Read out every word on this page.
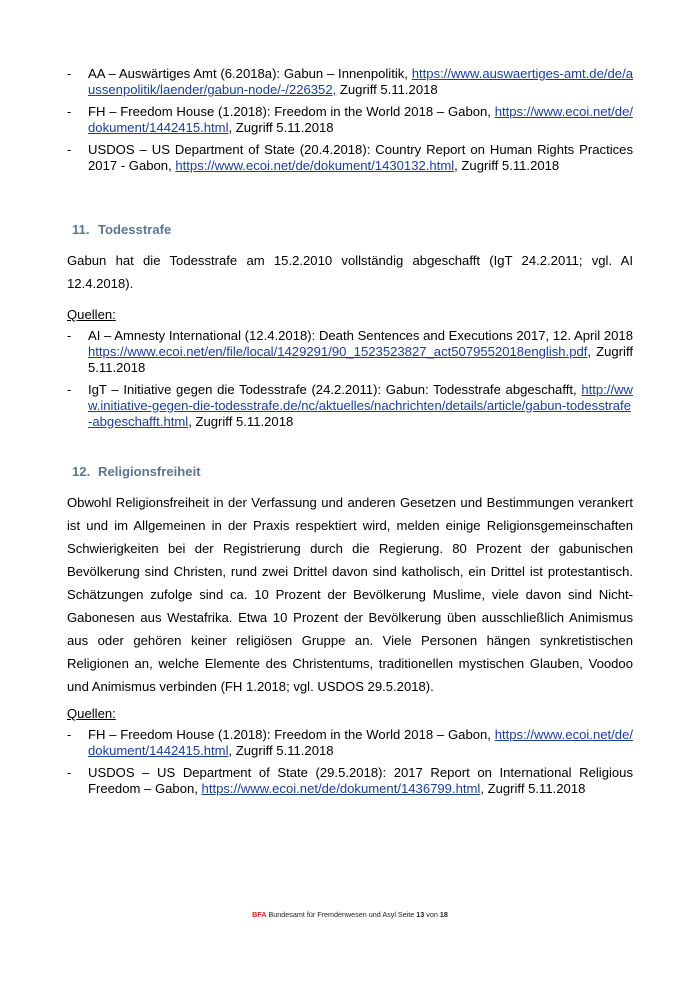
- AA – Auswärtiges Amt (6.2018a): Gabun – Innenpolitik, https://www.auswaertiges-amt.de/de/aussenpolitik/laender/gabun-node/-/226352, Zugriff 5.11.2018
- FH – Freedom House (1.2018): Freedom in the World 2018 – Gabon, https://www.ecoi.net/de/dokument/1442415.html, Zugriff 5.11.2018
- USDOS – US Department of State (20.4.2018): Country Report on Human Rights Practices 2017 - Gabon, https://www.ecoi.net/de/dokument/1430132.html, Zugriff 5.11.2018
11. Todesstrafe
Gabun hat die Todesstrafe am 15.2.2010 vollständig abgeschafft (IgT 24.2.2011; vgl. AI 12.4.2018).
Quellen:
- AI – Amnesty International (12.4.2018): Death Sentences and Executions 2017, 12. April 2018 https://www.ecoi.net/en/file/local/1429291/90_1523523827_act5079552018english.pdf, Zugriff 5.11.2018
- IgT – Initiative gegen die Todesstrafe (24.2.2011): Gabun: Todesstrafe abgeschafft, http://www.initiative-gegen-die-todesstrafe.de/nc/aktuelles/nachrichten/details/article/gabun-todesstrafe-abgeschafft.html, Zugriff 5.11.2018
12. Religionsfreiheit
Obwohl Religionsfreiheit in der Verfassung und anderen Gesetzen und Bestimmungen verankert ist und im Allgemeinen in der Praxis respektiert wird, melden einige Religionsgemeinschaften Schwierigkeiten bei der Registrierung durch die Regierung. 80 Prozent der gabunischen Bevölkerung sind Christen, rund zwei Drittel davon sind katholisch, ein Drittel ist protestantisch. Schätzungen zufolge sind ca. 10 Prozent der Bevölkerung Muslime, viele davon sind Nicht-Gabonesen aus Westafrika. Etwa 10 Prozent der Bevölkerung üben ausschließlich Animismus aus oder gehören keiner religiösen Gruppe an. Viele Personen hängen synkretistischen Religionen an, welche Elemente des Christentums, traditionellen mystischen Glauben, Voodoo und Animismus verbinden (FH 1.2018; vgl. USDOS 29.5.2018).
Quellen:
- FH – Freedom House (1.2018): Freedom in the World 2018 – Gabon, https://www.ecoi.net/de/dokument/1442415.html, Zugriff 5.11.2018
- USDOS – US Department of State (29.5.2018): 2017 Report on International Religious Freedom – Gabon, https://www.ecoi.net/de/dokument/1436799.html, Zugriff 5.11.2018
BFA Bundesamt für Fremdenwesen und Asyl Seite 13 von 18
